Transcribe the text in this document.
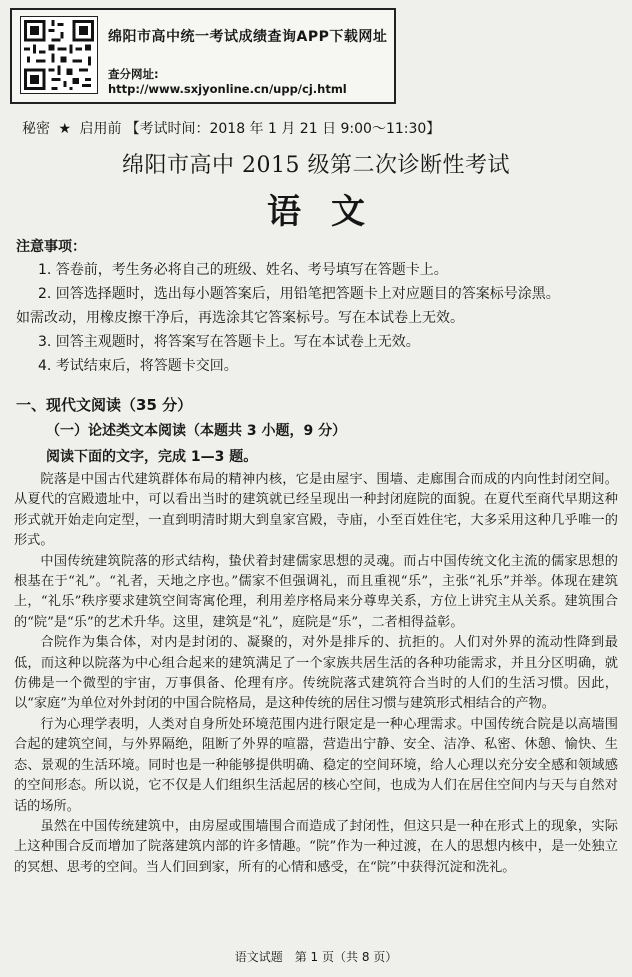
绵阳市高中统一考试成绩查询APP下载网址
查分网址: http://www.sxjyonline.cn/upp/cj.html
秘密 ★ 启用前 【考试时间：2018 年 1 月 21 日 9:00～11:30】
绵阳市高中 2015 级第二次诊断性考试
语文
注意事项：
1. 答卷前，考生务必将自己的班级、姓名、考号填写在答题卡上。
2. 回答选择题时，选出每小题答案后，用铅笔把答题卡上对应题目的答案标号涂黑。
如需改动，用橡皮擦干净后，再选涂其它答案标号。写在本试卷上无效。
3. 回答主观题时，将答案写在答题卡上。写在本试卷上无效。
4. 考试结束后，将答题卡交回。
一、现代文阅读（35 分）
（一）论述类文本阅读（本题共 3 小题，9 分）
阅读下面的文字，完成 1—3 题。

院落是中国古代建筑群体布局的精神内核，它是由屋宇、围墙、走廊围合而成的内向性封闭空间。从夏代的宫殿遗址中，可以看出当时的建筑就已经呈现出一种封闭庭院的面貌。在夏代至商代早期这种形式就开始走向定型，一直到明清时期大到皇家宫殿，寺庙，小至百姓住宅，大多采用这种几乎唯一的形式。

中国传统建筑院落的形式结构，蛰伏着封建儒家思想的灵魂。而占中国传统文化主流的儒家思想的根基在于“礼”。“礼者，天地之序也。”儒家不但强调礼，而且重视“乐”，主张“礼乐”并举。体现在建筑上，“礼乐”秩序要求建筑空间寄寓伦理，利用差序格局来分尊卑关系，方位上讲究主从关系。建筑围合的“院”是“乐”的艺术升华。这里，建筑是“礼”，庭院是“乐”，二者相得益彰。

合院作为集合体，对内是封闭的、凝聚的，对外是排斥的、抗拒的。人们对外界的流动性降到最低，而这种以院落为中心组合起来的建筑满足了一个家族共居生活的各种功能需求，并且分区明确，就仿佛是一个微型的宇宙，万事俱备、伦理有序。传统院落式建筑符合当时的人们的生活习惯。因此，以“家庭”为单位对外封闭的中国合院格局，是这种传统的居住习惯与建筑形式相结合的产物。

行为心理学表明，人类对自身所处环境范围内进行限定是一种心理需求。中国传统合院是以高墙围合起的建筑空间，与外界隔绝，阻断了外界的喧嚣，营造出宁静、安全、洁净、私密、休憩、愉快、生态、景观的生活环境。同时也是一种能够提供明确、稳定的空间环境，给人心理以充分安全感和领域感的空间形态。所以说，它不仅是人们组织生活起居的核心空间，也成为人们在居住空间内与天与自然对话的场所。

虽然在中国传统建筑中，由房屋或围墙围合而造成了封闭性，但这只是一种在形式上的现象，实际上这种围合反而增加了院落建筑内部的许多情趣。“院”作为一种过渡，在人的思想内核中，是一处独立的冥想、思考的空间。当人们回到家，所有的心情和感受，在“院”中获得沉淀和洗礼。

语文试题　第 1 页（共 8 页）
